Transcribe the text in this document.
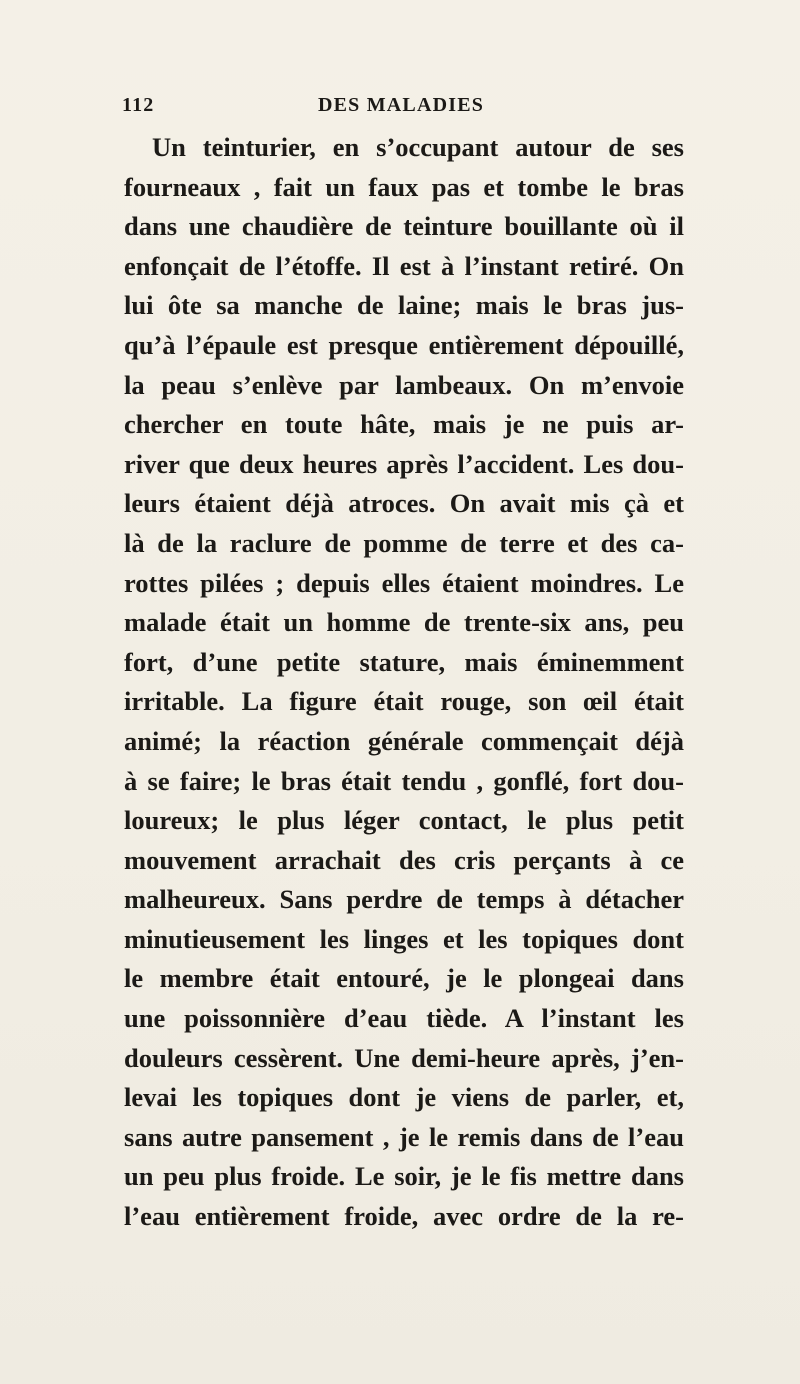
112	DES MALADIES
Un teinturier, en s’occupant autour de ses
fourneaux , fait un faux pas et tombe le bras
dans une chaudière de teinture bouillante où il
enfonçait de l’étoffe. Il est à l’instant retiré. On
lui ôte sa manche de laine; mais le bras jus-
qu’à l’épaule est presque entièrement dépouillé,
la peau s’enlève par lambeaux. On m’envoie
chercher en toute hâte, mais je ne puis ar-
river que deux heures après l’accident. Les dou-
leurs étaient déjà atroces. On avait mis çà et
là de la raclure de pomme de terre et des ca-
rottes pilées ; depuis elles étaient moindres. Le
malade était un homme de trente-six ans, peu
fort, d’une petite stature, mais éminemment
irritable. La figure était rouge, son œil était
animé; la réaction générale commençait déjà
à se faire; le bras était tendu , gonflé, fort dou-
loureux; le plus léger contact, le plus petit
mouvement arrachait des cris perçants à ce
malheureux. Sans perdre de temps à détacher
minutieusement les linges et les topiques dont
le membre était entouré, je le plongeai dans
une poissonnière d’eau tiède. A l’instant les
douleurs cessèrent. Une demi-heure après, j’en-
levai les topiques dont je viens de parler, et,
sans autre pansement , je le remis dans de l’eau
un peu plus froide. Le soir, je le fis mettre dans
l’eau entièrement froide, avec ordre de la re-
